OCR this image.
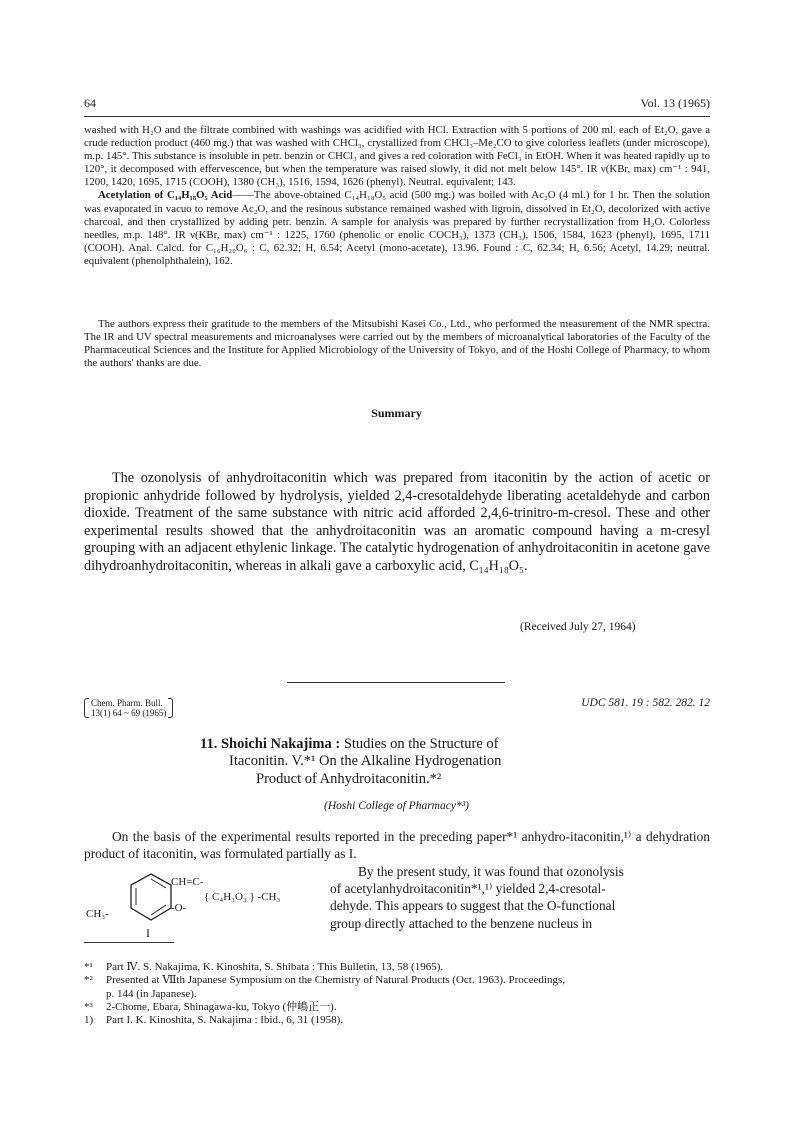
64	Vol. 13 (1965)

washed with H₂O and the filtrate combined with washings was acidified with HCl. Extraction with 5 portions of 200 ml. each of Et₂O, gave a crude reduction product (460 mg.) that was washed with CHCl₃, crystallized from CHCl₃–Me₂CO to give colorless leaflets (under microscope), m.p. 145°. This substance is insoluble in petr. benzin or CHCl₃ and gives a red coloration with FeCl₃ in EtOH. When it was heated rapidly up to 120°, it decomposed with effervescence, but when the temperature was raised slowly, it did not melt below 145°. IR ν(KBr, max) cm⁻¹ : 941, 1200, 1420, 1695, 1715 (COOH), 1380 (CH₃), 1516, 1594, 1626 (phenyl). Neutral. equivalent; 143.

Acetylation of C₁₄H₁₈O₅ Acid——The above-obtained C₁₄H₁₈O₅ acid (500 mg.) was boiled with Ac₂O (4 ml.) for 1 hr. Then the solution was evaporated in vacuo to remove Ac₂O, and the resinous substance remained washed with ligroin, dissolved in Et₂O, decolorized with active charcoal, and then crystallized by adding petr. benzin. A sample for analysis was prepared by further recrystallization from H₂O. Colorless needles, m.p. 148°. IR ν(KBr, max) cm⁻¹ : 1225, 1760 (phenolic or enolic COCH₃), 1373 (CH₃), 1506, 1584, 1623 (phenyl), 1695, 1711 (COOH). Anal. Calcd. for C₁₆H₂₀O₆ : C, 62.32; H, 6.54; Acetyl (mono-acetate), 13.96. Found : C, 62.34; H, 6.56; Acetyl, 14.29; neutral. equivalent (phenolphthalein), 162.

The authors express their gratitude to the members of the Mitsubishi Kasei Co., Ltd., who performed the measurement of the NMR spectra. The IR and UV spectral measurements and microanalyses were carried out by the members of microanalytical laboratories of the Faculty of the Pharmaceutical Sciences and the Institute for Applied Microbiology of the University of Tokyo, and of the Hoshi College of Pharmacy, to whom the authors' thanks are due.

Summary

The ozonolysis of anhydroitaconitin which was prepared from itaconitin by the action of acetic or propionic anhydride followed by hydrolysis, yielded 2,4-cresotaldehyde liberating acetaldehyde and carbon dioxide. Treatment of the same substance with nitric acid afforded 2,4,6-trinitro-m-cresol. These and other experimental results showed that the anhydroitaconitin was an aromatic compound having a m-cresyl grouping with an adjacent ethylenic linkage. The catalytic hydrogenation of anhydroitaconitin in acetone gave dihydroanhydroitaconitin, whereas in alkali gave a carboxylic acid, C₁₄H₁₈O₅.

(Received July 27, 1964)
Chem. Pharm. Bull.
13(1) 64 ~ 69 (1965)
UDC 581. 19 : 582. 282. 12
11. Shoichi Nakajima : Studies on the Structure of
Itaconitin. V.*¹ On the Alkaline Hydrogenation
Product of Anhydroitaconitin.*²
(Hoshi College of Pharmacy*³)

On the basis of the experimental results reported in the preceding paper*¹ anhydro-itaconitin,¹⁾ a dehydration product of itaconitin, was formulated partially as I.

By the present study, it was found that ozonolysis
of acetylanhydroitaconitin*¹,¹⁾ yielded 2,4-cresotal-
dehyde. This appears to suggest that the O-functional
group directly attached to the benzene nucleus in
CH=C-
{ C₄H₃O₃ } -CH₃
CH₃-	-O-
I
*¹	Part Ⅳ. S. Nakajima, K. Kinoshita, S. Shibata : This Bulletin, 13, 58 (1965).
*²	Presented at Ⅶth Japanese Symposium on the Chemistry of Natural Products (Oct. 1963). Proceedings,
p. 144 (in Japanese).
*³	2-Chome, Ebara, Shinagawa-ku, Tokyo (仲嶋正一).
1)	Part I. K. Kinoshita, S. Nakajima : Ibid., 6, 31 (1958).
